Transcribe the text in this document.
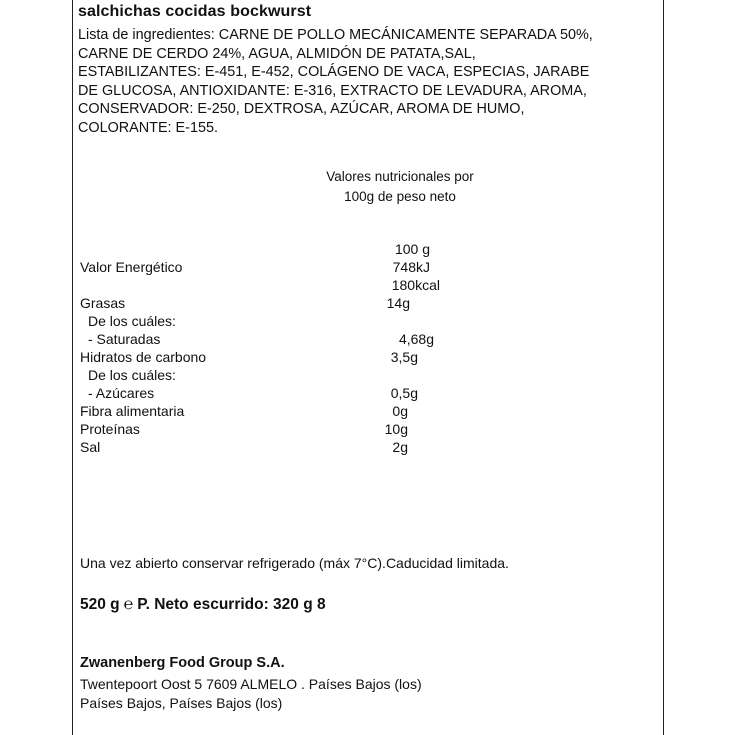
salchichas cocidas bockwurst
Lista de ingredientes: CARNE DE POLLO MECÁNICAMENTE SEPARADA 50%,
CARNE DE CERDO 24%, AGUA, ALMIDÓN DE PATATA,SAL,
ESTABILIZANTES: E-451, E-452, COLÁGENO DE VACA, ESPECIAS, JARABE
DE GLUCOSA, ANTIOXIDANTE: E-316, EXTRACTO DE LEVADURA, AROMA,
CONSERVADOR: E-250, DEXTROSA, AZÚCAR, AROMA DE HUMO,
COLORANTE: E-155.
Valores nutricionales por
100g de peso neto
100 g
Valor Energético	748kJ
180kcal
Grasas	14g
De los cuáles:
- Saturadas	4,68g
Hidratos de carbono	3,5g
De los cuáles:
- Azúcares	0,5g
Fibra alimentaria	0g
Proteínas	10g
Sal	2g
Una vez abierto conservar refrigerado (máx 7°C).Caducidad limitada.
520 g ℮ P. Neto escurrido: 320 g 8
Zwanenberg Food Group S.A.
Twentepoort Oost 5 7609 ALMELO . Países Bajos (los)
Países Bajos, Países Bajos (los)
